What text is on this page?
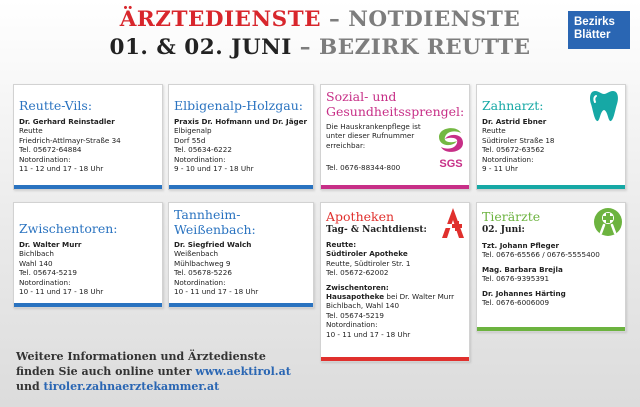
ÄRZTEDIENSTE – NOTDIENSTE
01. & 02. JUNI – BEZIRK REUTTE
Bezirks
Blätter
Reutte-Vils:
Dr. Gerhard Reinstadler
Reutte
Friedrich-Attlmayr-Straße 34
Tel. 05672-64884
Notordination:
11 - 12 und 17 - 18 Uhr
Elbigenalp-Holzgau:
Praxis Dr. Hofmann und Dr. Jäger
Elbigenalp
Dorf 55d
Tel. 05634-6222
Notordination:
9 - 10 und 17 - 18 Uhr
Sozial- und
Gesundheitssprengel:
Die Hauskrankenpflege ist
unter dieser Rufnummer
erreichbar:
Tel. 0676-88344-800	SGS
Zahnarzt:
Dr. Astrid Ebner
Reutte
Südtiroler Straße 18
Tel. 05672-63562
Notordination:
9 - 11 Uhr
Zwischentoren:
Dr. Walter Murr
Bichlbach
Wahl 140
Tel. 05674-5219
Notordination:
10 - 11 und 17 - 18 Uhr
Tannheim-
Weißenbach:
Dr. Siegfried Walch
Weißenbach
Mühlbachweg 9
Tel. 05678-5226
Notordination:
10 - 11 und 17 - 18 Uhr
Apotheken
Tag- & Nachtdienst:
Reutte:
Südtiroler Apotheke
Reutte, Südtiroler Str. 1
Tel. 05672-62002
Zwischentoren:
Hausapotheke bei Dr. Walter Murr
Bichlbach, Wahl 140
Tel. 05674-5219
Notordination:
10 - 11 und 17 - 18 Uhr
Tierärzte
02. Juni:
Tzt. Johann Pfleger
Tel. 0676-65566 / 0676-5555400
Mag. Barbara Brejla
Tel. 0676-9395391
Dr. Johannes Härting
Tel. 0676-6006009
Weitere Informationen und Ärztedienste
finden Sie auch online unter www.aektirol.at
und tiroler.zahnaerztekammer.at
